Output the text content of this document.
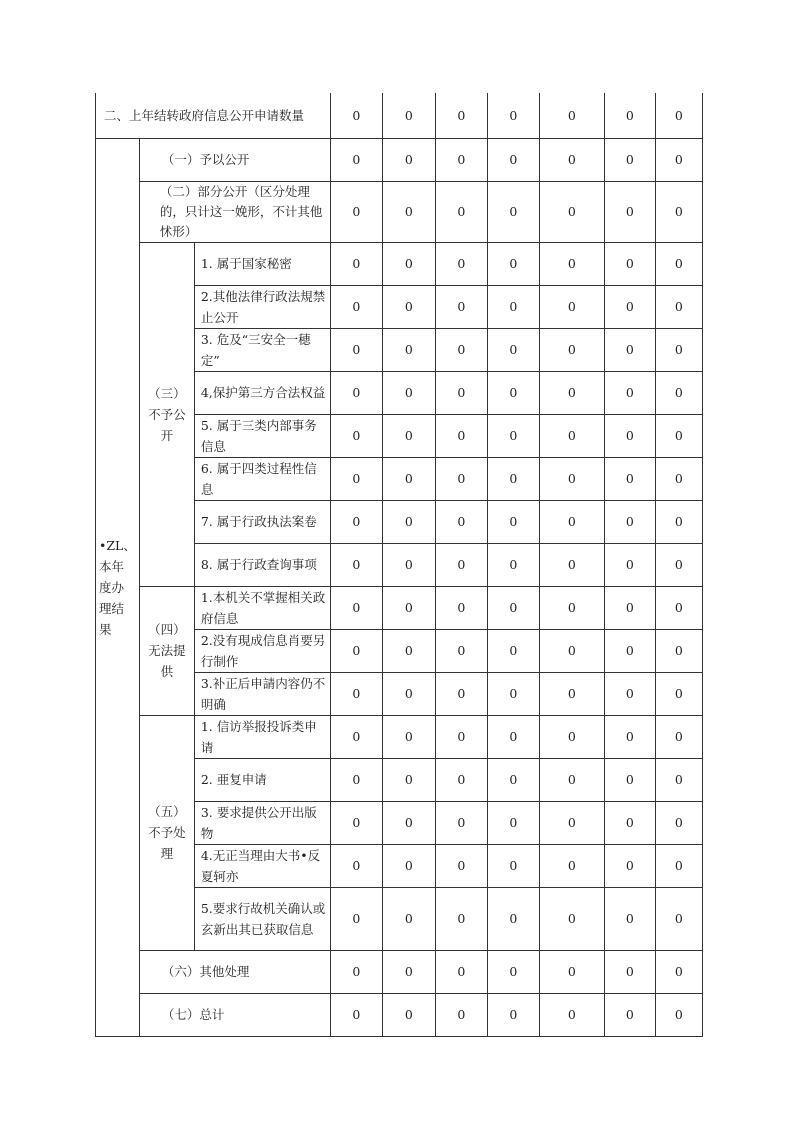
二、上年结转政府信息公开申请数量			0	0	0	0	0	0	0
•ZL、本年度办理结果	（一）予以公开		0	0	0	0	0	0	0
	（二）部分公开（区分处理的，只计这一娩形，不计其他怵形）		0	0	0	0	0	0	0
	（三）不予公开	1. 属于国家秘密	0	0	0	0	0	0	0
		2.其他法律行政法規禁止公开	0	0	0	0	0	0	0
		3. 危及“三安全一穂定”	0	0	0	0	0	0	0
		4,保护第三方合法权益	0	0	0	0	0	0	0
		5. 属于三类内部事务信息	0	0	0	0	0	0	0
		6. 属于四类过程性信息	0	0	0	0	0	0	0
		7. 属于行政执法案卷	0	0	0	0	0	0	0
		8. 属于行政查询事项	0	0	0	0	0	0	0
	（四）无法提供	1.本机关不掌握相关政府信息	0	0	0	0	0	0	0
		2.没有現成信息肖要另行制作	0	0	0	0	0	0	0
		3.补正后申請内容仍不明确	0	0	0	0	0	0	0
	（五）不予处理	1. 信访举报投诉类申请	0	0	0	0	0	0	0
		2. 亜复申请	0	0	0	0	0	0	0
		3. 要求提供公开出版物	0	0	0	0	0	0	0
		4.无正当理由大书•反夏轲亦	0	0	0	0	0	0	0
		5.要求行故机关确认或玄新出其已获取信息	0	0	0	0	0	0	0
	（六）其他处理		0	0	0	0	0	0	0
	（七）总计		0	0	0	0	0	0	0
